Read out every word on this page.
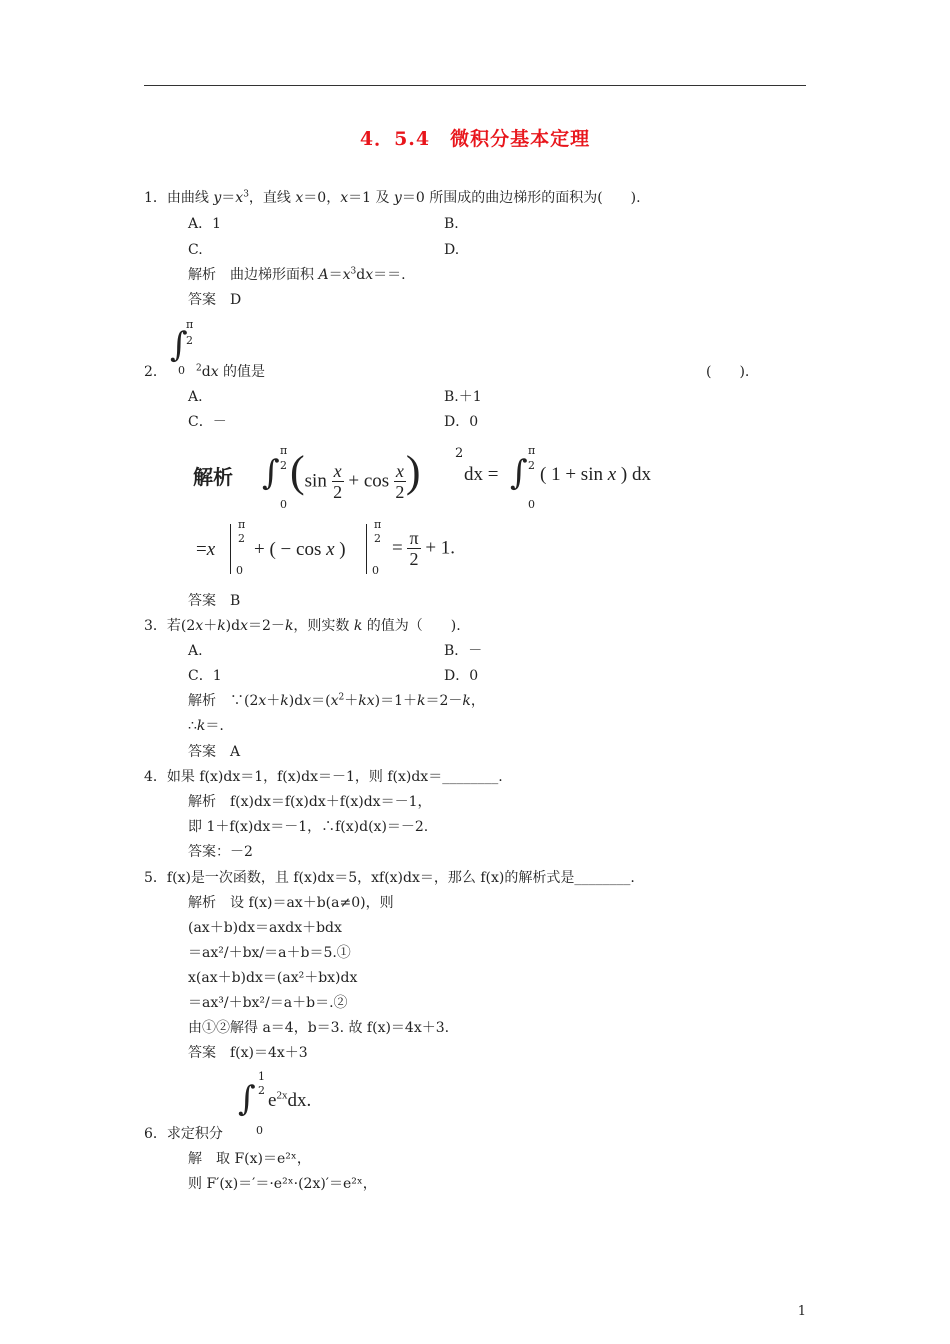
4．5.4　微积分基本定理
1．由曲线 $y=x^3$，直线 x＝0，x＝1 及 y＝0 所围成的曲边梯形的面积为(　　).
A．1	B.
C.	D.
解析　曲边梯形面积 $A=x^3dx==$.
答案　D
∫
π
2
0
2．	$^2$dx 的值是	(　　).
A.	B.＋1
C．－	D．0
解析 ∫
π
2
0
($\sin \frac{x}{2} + \cos \frac{x}{2}$ )	2
dx = ∫
π
2
0
( 1 + sin x ) dx
=x
π
2
0
+ ( − cos x )
π
2
0
= $\frac{\pi}{2} + 1$.
答案　B
3．若(2x＋k)dx＝2－k，则实数 k 的值为（　　).
A.	B．－
C．1	D．0
解析　$\because(2x+k)dx=(x^2+kx)=1+k=2-k$，
∴k＝.
答案　A
4．如果 f(x)dx＝1，f(x)dx＝－1，则 f(x)dx＝________.
解析　f(x)dx＝f(x)dx＋f(x)dx＝－1，
即 1＋f(x)dx＝－1，∴f(x)d(x)＝－2.
答案：－2
5．f(x)是一次函数，且 f(x)dx＝5，xf(x)dx＝，那么 f(x)的解析式是________.
解析　设 f(x)＝ax＋b(a≠0)，则
(ax＋b)dx＝axdx＋bdx
＝ax²/＋bx/＝a＋b＝5.①
x(ax＋b)dx＝(ax²＋bx)dx
＝ax³/＋bx²/＝a＋b＝.②
由①②解得 a＝4，b＝3. 故 f(x)＝4x＋3.
答案　f(x)＝4x＋3
∫
1
2
0
$e^{2x}dx$.
6．求定积分
解　取 F(x)＝e²ˣ，
则 F′(x)＝′＝·e²ˣ·(2x)′＝e²ˣ，
1
